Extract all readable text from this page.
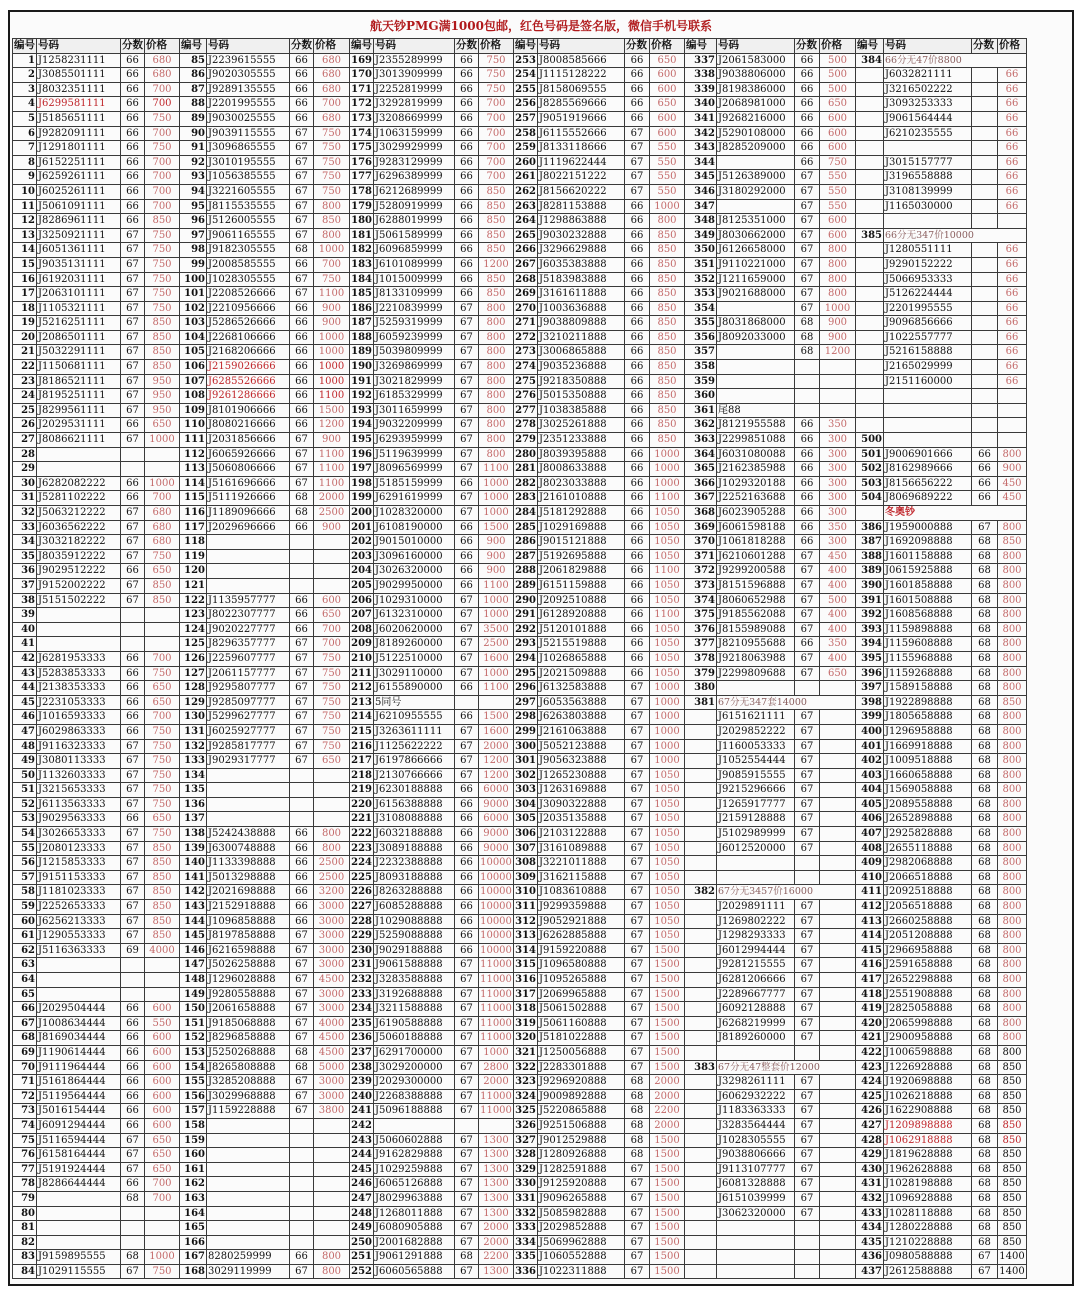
航天钞PMG满1000包邮，红色号码是签名版，微信手机号联系
编号	号码	分数	价格	编号	号码	分数	价格	编号	号码	分数	价格	编号	号码	分数	价格	编号	号码	分数	价格	编号	号码	分数	价格
1	J1258231111	66	680	85	J2239615555	66	680	169	J2355289999	66	750	253	J8008585666	66	650	337	J2061583000	66	500	384	66分无47价8800		
2	J3085501111	66	680	86	J9020305555	66	680	170	J3013909999	66	750	254	J1115128222	66	600	338	J9038806000	66	500		J6032821111		66
3	J8032351111	66	700	87	J9289135555	66	680	171	J2252819999	66	750	255	J8158069555	66	600	339	J8198386000	66	500		J3216502222		66
4	J6299581111	66	700	88	J2201995555	66	700	172	J3292819999	66	700	256	J8285569666	66	650	340	J2068981000	66	650		J3093253333		66
5	J5185651111	66	750	89	J9030025555	66	680	173	J3208669999	66	700	257	J9051919666	66	600	341	J9268216000	66	600		J9061564444		66
6	J9282091111	66	700	90	J9039115555	67	750	174	J1063159999	66	700	258	J6115552666	67	600	342	J5290108000	66	600		J6210235555		66
7	J1291801111	66	750	91	J3096865555	67	750	175	J3029929999	66	700	259	J8133118666	67	550	343	J8285209000	66	600				66
8	J6152251111	66	700	92	J3010195555	67	750	176	J9283129999	66	700	260	J1119622444	67	550	344		66	750		J3015157777		66
9	J6259261111	66	700	93	J1056385555	67	750	177	J6296389999	66	700	261	J8022151222	67	550	345	J5126389000	67	550		J3196558888		66
10	J6025261111	66	700	94	J3221605555	67	750	178	J6212689999	66	850	262	J8156620222	67	550	346	J3180292000	67	550		J3108139999		66
11	J5061091111	66	700	95	J8115535555	67	800	179	J5280919999	66	850	263	J8281153888	66	1000	347		67	550		J1165030000		66
12	J8286961111	66	850	96	J5126005555	67	850	180	J6288019999	66	850	264	J1298863888	66	800	348	J8125351000	67	600				
13	J3250921111	67	750	97	J9061165555	67	800	181	J5061589999	66	850	265	J9030232888	66	850	349	J8030662000	67	600	385	66分无347价10000		
14	J6051361111	67	750	98	J9182305555	68	1000	182	J6096859999	66	850	266	J3296629888	66	850	350	J6126658000	67	800		J1280551111		66
15	J9035131111	67	750	99	J2008585555	66	700	183	J6101089999	66	1200	267	J6035383888	66	850	351	J9110221000	67	800		J9290152222		66
16	J6192031111	67	750	100	J1028305555	67	750	184	J1015009999	66	850	268	J5183983888	66	850	352	J1211659000	67	800		J5066953333		66
17	J2063101111	67	750	101	J2208526666	67	1100	185	J8133109999	66	850	269	J3161611888	66	850	353	J9021688000	67	800		J5126224444		66
18	J1105321111	67	750	102	J2210956666	66	900	186	J2210839999	67	800	270	J1003636888	66	850	354		67	1000		J2201995555		66
19	J5216251111	67	850	103	J5286526666	66	900	187	J5259319999	67	800	271	J9038809888	66	850	355	J8031868000	68	900		J9096856666		66
20	J2086501111	67	850	104	J2268106666	66	1000	188	J6059239999	67	800	272	J3210211888	66	850	356	J8092033000	68	900		J1022557777		66
21	J5032291111	67	850	105	J2168206666	66	1000	189	J5039809999	67	800	273	J3006865888	66	850	357		68	1200		J5216158888		66
22	J1150681111	67	850	106	J2159026666	66	1000	190	J3269869999	67	800	274	J9035236888	66	850	358					J2165029999		66
23	J8186521111	67	950	107	J6285526666	66	1000	191	J3021829999	67	800	275	J9218350888	66	850	359					J2151160000		66
24	J8195251111	67	950	108	J9261286666	66	1100	192	J6185329999	67	800	276	J5015350888	66	850	360							
25	J8299561111	67	950	109	J8101906666	66	1500	193	J3011659999	67	800	277	J1038385888	66	850	361	尾88						
26	J2029531111	66	650	110	J8080216666	66	1200	194	J9032209999	67	800	278	J3025261888	66	850	362	J8121955588	66	350				
27	J8086621111	67	1000	111	J2031856666	67	900	195	J6293959999	67	800	279	J2351233888	66	850	363	J2299851088	66	300	500			
28				112	J6065926666	67	1100	196	J5119639999	67	800	280	J8039395888	66	1000	364	J6031080088	66	300	501	J9006901666	66	800
29				113	J5060806666	67	1100	197	J8096569999	67	1100	281	J8008633888	66	1000	365	J2162385988	66	300	502	J8162989666	66	900
30	J6282082222	66	1000	114	J5161696666	67	1100	198	J5185159999	66	1000	282	J8023033888	66	1000	366	J1029320188	66	300	503	J8156656222	66	450
31	J5281102222	66	700	115	J5111926666	68	2000	199	J6291619999	67	1000	283	J2161010888	66	1100	367	J2252163688	66	300	504	J8069689222	66	450
32	J5063212222	67	680	116	J1189096666	68	2500	200	J1028320000	67	1000	284	J5181292888	66	1050	368	J6023905288	66	300		冬奥钞		
33	J6036562222	67	680	117	J2029696666	66	900	201	J6108190000	66	1500	285	J1029169888	66	1050	369	J6061598188	66	350	386	J1959000888	67	800
34	J3032182222	67	680	118				202	J9015010000	66	900	286	J9015121888	66	1050	370	J1061818288	66	300	387	J1692098888	68	850
35	J8035912222	67	750	119				203	J3096160000	66	900	287	J5192695888	66	1050	371	J6210601288	67	450	388	J1601158888	68	800
36	J9029512222	66	650	120				204	J3026320000	66	900	288	J2061829888	66	1100	372	J9299200588	67	400	389	J0615925888	68	800
37	J9152002222	67	850	121				205	J9029950000	66	1100	289	J6151159888	66	1050	373	J8151596888	67	400	390	J1601858888	68	800
38	J5151502222	67	850	122	J1135957777	66	600	206	J1029310000	67	1000	290	J2092510888	66	1050	374	J8060652988	67	500	391	J1601508888	68	800
39				123	J8022307777	66	650	207	J6132310000	67	1000	291	J6128920888	66	1100	375	J9185562088	67	400	392	J1608568888	68	800
40				124	J9020227777	66	700	208	J6020620000	67	3500	292	J5120101888	66	1050	376	J8155989088	67	400	393	J1159898888	68	800
41				125	J8296357777	67	700	209	J8189260000	67	2500	293	J5215519888	66	1050	377	J8210955688	66	350	394	J1159608888	68	800
42	J6281953333	66	700	126	J2259607777	67	750	210	J5122510000	67	1600	294	J1026865888	66	1050	378	J9218063988	67	400	395	J1155968888	68	800
43	J5283853333	66	750	127	J2061157777	67	750	211	J3029110000	67	1000	295	J2021509888	66	1050	379	J2299809688	67	650	396	J1159268888	68	800
44	J2138353333	66	650	128	J9295807777	67	750	212	J6155890000	66	1100	296	J6132583888	67	1000	380				397	J1589158888	68	800
45	J2231053333	66	650	129	J9285097777	67	750	213	5同号			297	J6053563888	67	1000	381	67分无347套14000			398	J1922898888	68	850
46	J1016593333	66	700	130	J5299627777	67	750	214	J6210955555	66	1500	298	J6263803888	67	1000		J6151621111	67		399	J1805658888	68	800
47	J6029863333	66	750	131	J6025927777	67	750	215	J3263611111	67	1600	299	J2161063888	67	1000		J2029852222	67		400	J1296958888	68	800
48	J9116323333	67	750	132	J9285817777	67	750	216	J1125622222	67	2000	300	J5052123888	67	1000		J1160053333	67		401	J1669918888	68	800
49	J3080113333	67	750	133	J9029317777	67	650	217	J6197866666	67	1200	301	J9056323888	67	1000		J1052554444	67		402	J1009518888	68	800
50	J1132603333	67	750	134				218	J2130766666	67	1200	302	J1265230888	67	1050		J9085915555	67		403	J1660658888	68	800
51	J3215653333	67	750	135				219	J6230188888	66	6000	303	J1263169888	67	1050		J9215296666	67		404	J1569058888	68	800
52	J6113563333	67	750	136				220	J6156388888	66	9000	304	J3090322888	67	1050		J1265917777	67		405	J2089558888	68	800
53	J9029563333	66	650	137				221	J3108088888	66	6000	305	J2035135888	67	1050		J2159128888	67		406	J2652898888	68	800
54	J3026653333	67	750	138	J5242438888	66	800	222	J6032188888	66	9000	306	J2103122888	67	1050		J5102989999	67		407	J2925828888	68	800
55	J2080123333	67	850	139	J6300748888	66	800	223	J3089188888	66	9000	307	J3161089888	67	1050		J6012520000	67		408	J2655118888	68	800
56	J1215853333	67	850	140	J1133398888	66	2500	224	J2232388888	66	10000	308	J3221011888	67	1050					409	J2982068888	68	800
57	J9151153333	67	850	141	J5013298888	66	2500	225	J8093188888	66	10000	309	J3162115888	67	1050					410	J2066518888	68	800
58	J1181023333	67	850	142	J2021698888	66	3200	226	J8263288888	66	10000	310	J1083610888	67	1050	382	67分无3457价16000			411	J2092518888	68	800
59	J2252653333	67	850	143	J2152918888	66	3000	227	J6085288888	66	10000	311	J9299359888	67	1050		J2029891111	67		412	J2056518888	68	800
60	J6256213333	67	850	144	J1096858888	66	3000	228	J1029088888	66	10000	312	J9052921888	67	1050		J1269802222	67		413	J2660258888	68	800
61	J1290553333	67	850	145	J8197858888	67	3000	229	J5259088888	66	10000	313	J6262885888	67	1050		J1298293333	67		414	J2051208888	68	800
62	J5116363333	69	4000	146	J6216598888	67	3000	230	J9029188888	66	10000	314	J9159220888	67	1500		J6012994444	67		415	J2966958888	68	800
63				147	J5026258888	67	3000	231	J9061588888	67	11000	315	J1096580888	67	1500		J9281215555	67		416	J2591658888	68	800
64				148	J1296028888	67	4500	232	J3283588888	67	11000	316	J1095265888	67	1500		J6281206666	67		417	J2652298888	68	800
65				149	J9280558888	67	3000	233	J3192688888	67	11000	317	J2069965888	67	1500		J2289667777	67		418	J2551908888	68	800
66	J2029504444	66	600	150	J2061658888	67	3000	234	J3211588888	67	11000	318	J5061502888	67	1500		J6092128888	67		419	J2825058888	68	800
67	J1008634444	66	550	151	J9185068888	67	4000	235	J6190588888	67	11000	319	J5061160888	67	1500		J6268219999	67		420	J2065998888	68	800
68	J8169034444	66	600	152	J8296858888	67	4500	236	J5060188888	67	11000	320	J5181022888	67	1500		J8189260000	67		421	J2900958888	68	800
69	J1190614444	66	600	153	J5250268888	68	4500	237	J6291700000	67	1000	321	J1250056888	67	1500					422	J1006598888	68	800
70	J9111964444	66	600	154	J8265808888	68	5000	238	J3029200000	67	2800	322	J2283301888	67	1500	383	67分无47整套价12000			423	J1226928888	68	850
71	J5161864444	66	600	155	J3285208888	67	3000	239	J2029300000	67	2000	323	J9296920888	68	2000		J3298261111	67		424	J1920698888	68	850
72	J5119564444	66	600	156	J3029968888	67	3000	240	J2268388888	67	11000	324	J9009892888	68	2000		J6062932222	67		425	J1026218888	68	850
73	J5016154444	66	600	157	J1159228888	67	3800	241	J5096188888	67	11000	325	J5220865888	68	2200		J1183363333	67		426	J1622908888	68	850
74	J6091294444	66	600	158				242				326	J9251506888	68	2000		J3283564444	67		427	J1209898888	68	850
75	J5116594444	67	650	159				243	J5060602888	67	1300	327	J9012529888	68	1500		J1028305555	67		428	J1062918888	68	850
76	J6158164444	67	650	160				244	J9162829888	67	1300	328	J1280926888	68	1500		J9038806666	67		429	J1819628888	68	850
77	J5191924444	67	650	161				245	J1029259888	67	1300	329	J1282591888	67	1500		J9113107777	67		430	J1962628888	68	850
78	J8286644444	66	700	162				246	J6065126888	67	1300	330	J9125920888	67	1500		J6081328888	67		431	J1028198888	68	850
79		68	700	163				247	J8029963888	67	1300	331	J9096265888	67	1500		J6151039999	67		432	J1096928888	68	850
80				164				248	J1268011888	67	1300	332	J5085982888	67	1500		J3062320000	67		433	J1028118888	68	850
81				165				249	J6080905888	67	2000	333	J2029852888	67	1500					434	J1280228888	68	850
82				166				250	J2001682888	67	2000	334	J5069962888	67	1500					435	J1210228888	68	850
83	J9159895555	68	1000	167	8280259999	66	800	251	J9061291888	68	2200	335	J1060552888	67	1500					436	J0980588888	67	1400
84	J1029115555	67	750	168	3029119999	67	800	252	J6060565888	67	1300	336	J1022311888	67	1500					437	J2612588888	67	1400
